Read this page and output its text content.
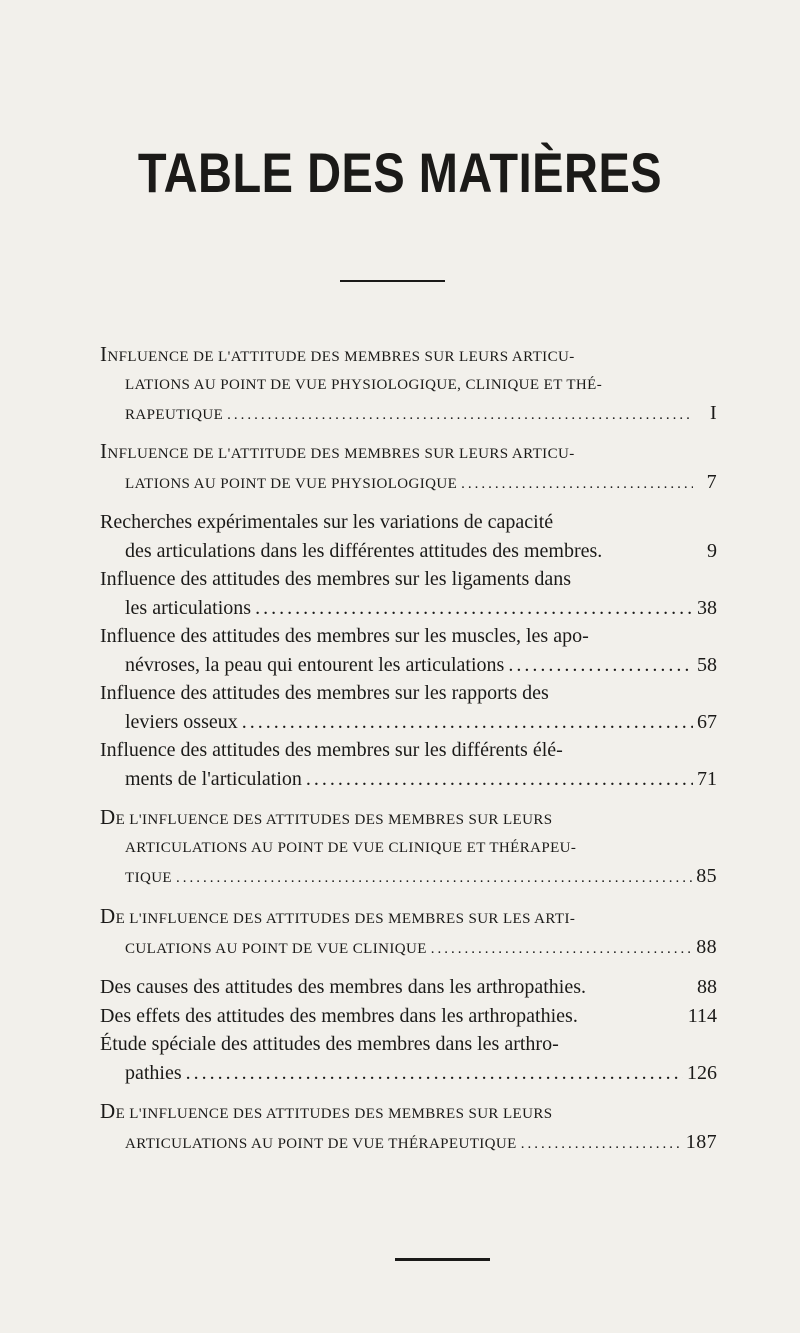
TABLE DES MATIÈRES
INFLUENCE DE L'ATTITUDE DES MEMBRES SUR LEURS ARTICU-
LATIONS AU POINT DE VUE PHYSIOLOGIQUE, CLINIQUE ET THÉ-
RAPEUTIQUE .....	I
INFLUENCE DE L'ATTITUDE DES MEMBRES SUR LEURS ARTICU-
LATIONS AU POINT DE VUE PHYSIOLOGIQUE .....	7
Recherches expérimentales sur les variations de capacité
des articulations dans les différentes attitudes des membres.	9
Influence des attitudes des membres sur les ligaments dans
les articulations .....	38
Influence des attitudes des membres sur les muscles, les apo-
névroses, la peau qui entourent les articulations .....	58
Influence des attitudes des membres sur les rapports des
leviers osseux .....	67
Influence des attitudes des membres sur les différents élé-
ments de l'articulation .....	71
DE L'INFLUENCE DES ATTITUDES DES MEMBRES SUR LEURS
ARTICULATIONS AU POINT DE VUE CLINIQUE ET THÉRAPEU-
TIQUE .....	85
DE L'INFLUENCE DES ATTITUDES DES MEMBRES SUR LES ARTI-
CULATIONS AU POINT DE VUE CLINIQUE .....	88
Des causes des attitudes des membres dans les arthropathies.	88
Des effets des attitudes des membres dans les arthropathies.	114
Étude spéciale des attitudes des membres dans les arthro-
pathies .....	126
DE L'INFLUENCE DES ATTITUDES DES MEMBRES SUR LEURS
ARTICULATIONS AU POINT DE VUE THÉRAPEUTIQUE .....	187
